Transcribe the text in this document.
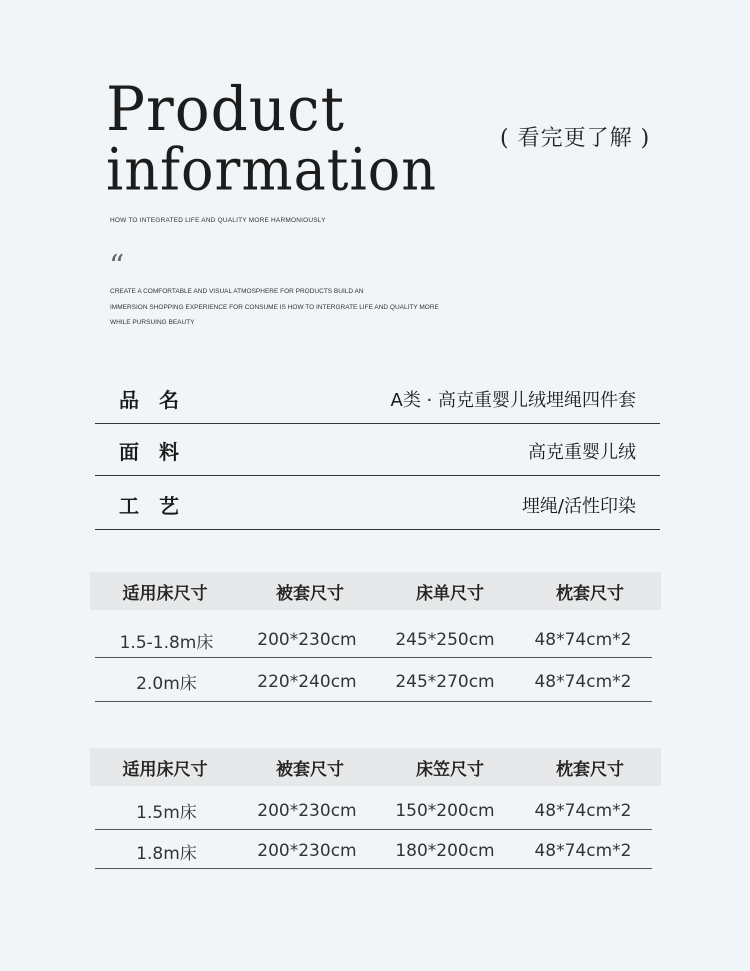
Product
information
HOW TO INTEGRATED LIFE AND QUALITY MORE HARMONIOUSLY
“
CREATE A COMFORTABLE AND VISUAL ATMOSPHERE FOR PRODUCTS BUILD AN
IMMERSION SHOPPING EXPERIENCE FOR CONSUME IS HOW TO INTERGRATE LIFE AND QUALITY MORE
WHILE PURSUING BEAUTY
( 看完更了解 )
品名	A类 · 高克重婴儿绒埋绳四件套
面料	高克重婴儿绒
工艺	埋绳/活性印染
适用床尺寸	被套尺寸	床单尺寸	枕套尺寸
1.5-1.8m床	200*230cm	245*250cm	48*74cm*2
2.0m床	220*240cm	245*270cm	48*74cm*2
适用床尺寸	被套尺寸	床笠尺寸	枕套尺寸
1.5m床	200*230cm	150*200cm	48*74cm*2
1.8m床	200*230cm	180*200cm	48*74cm*2
